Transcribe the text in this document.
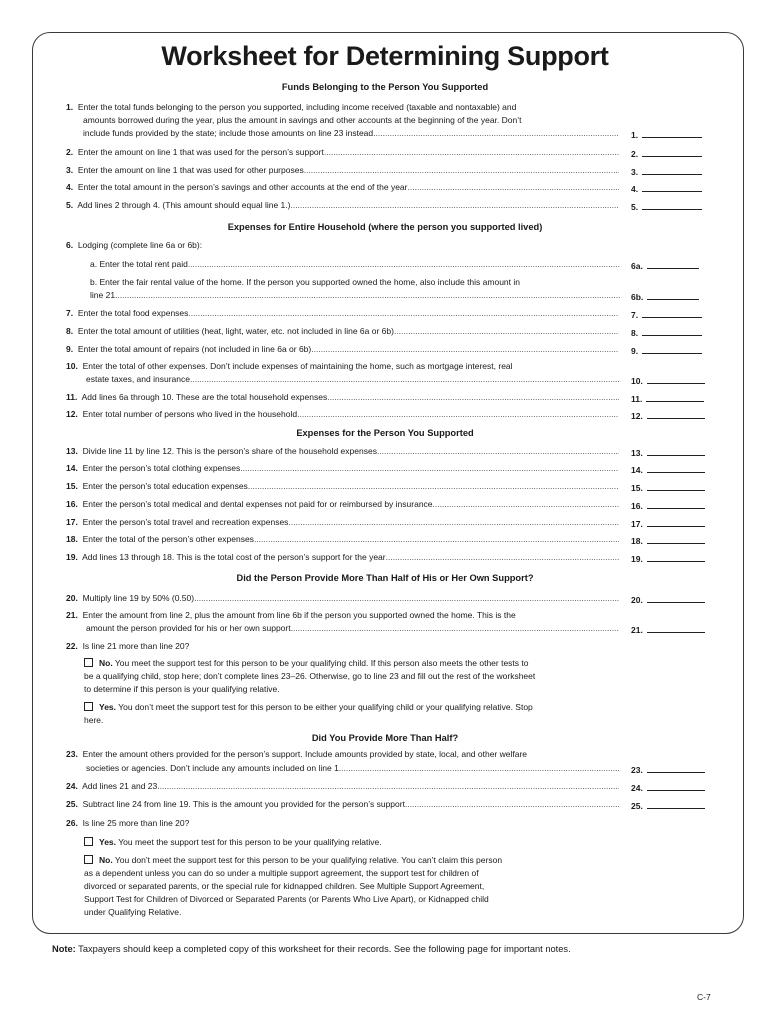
Worksheet for Determining Support
Funds Belonging to the Person You Supported
1. Enter the total funds belonging to the person you supported, including income received (taxable and nontaxable) and
amounts borrowed during the year, plus the amount in savings and other accounts at the beginning of the year. Don’t
include funds provided by the state; include those amounts on line 23 instead .....	1.
2. Enter the amount on line 1 that was used for the person’s support .....	2.
3. Enter the amount on line 1 that was used for other purposes .....	3.
4. Enter the total amount in the person’s savings and other accounts at the end of the year .....	4.
5. Add lines 2 through 4. (This amount should equal line 1.) .....	5.
Expenses for Entire Household (where the person you supported lived)
6. Lodging (complete line 6a or 6b):
a. Enter the total rent paid .....	6a.
b. Enter the fair rental value of the home. If the person you supported owned the home, also include this amount in
line 21 .....	6b.
7. Enter the total food expenses .....	7.
8. Enter the total amount of utilities (heat, light, water, etc. not included in line 6a or 6b) .....	8.
9. Enter the total amount of repairs (not included in line 6a or 6b) .....	9.
10. Enter the total of other expenses. Don’t include expenses of maintaining the home, such as mortgage interest, real
estate taxes, and insurance .....	10.
11. Add lines 6a through 10. These are the total household expenses .....	11.
12. Enter total number of persons who lived in the household .....	12.
Expenses for the Person You Supported
13. Divide line 11 by line 12. This is the person’s share of the household expenses .....	13.
14. Enter the person’s total clothing expenses .....	14.
15. Enter the person’s total education expenses .....	15.
16. Enter the person’s total medical and dental expenses not paid for or reimbursed by insurance .....	16.
17. Enter the person’s total travel and recreation expenses .....	17.
18. Enter the total of the person’s other expenses .....	18.
19. Add lines 13 through 18. This is the total cost of the person’s support for the year .....	19.
Did the Person Provide More Than Half of His or Her Own Support?
20. Multiply line 19 by 50% (0.50) .....	20.
21. Enter the amount from line 2, plus the amount from line 6b if the person you supported owned the home. This is the
amount the person provided for his or her own support .....	21.
22. Is line 21 more than line 20?
No. You meet the support test for this person to be your qualifying child. If this person also meets the other tests to
be a qualifying child, stop here; don’t complete lines 23–26. Otherwise, go to line 23 and fill out the rest of the worksheet
to determine if this person is your qualifying relative.
Yes. You don’t meet the support test for this person to be either your qualifying child or your qualifying relative. Stop
here.
Did You Provide More Than Half?
23. Enter the amount others provided for the person’s support. Include amounts provided by state, local, and other welfare
societies or agencies. Don’t include any amounts included on line 1 .....	23.
24. Add lines 21 and 23 .....	24.
25. Subtract line 24 from line 19. This is the amount you provided for the person’s support .....	25.
26. Is line 25 more than line 20?
Yes. You meet the support test for this person to be your qualifying relative.
No. You don’t meet the support test for this person to be your qualifying relative. You can’t claim this person
as a dependent unless you can do so under a multiple support agreement, the support test for children of
divorced or separated parents, or the special rule for kidnapped children. See Multiple Support Agreement,
Support Test for Children of Divorced or Separated Parents (or Parents Who Live Apart), or Kidnapped child
under Qualifying Relative.
Note: Taxpayers should keep a completed copy of this worksheet for their records. See the following page for important notes.
C-7
